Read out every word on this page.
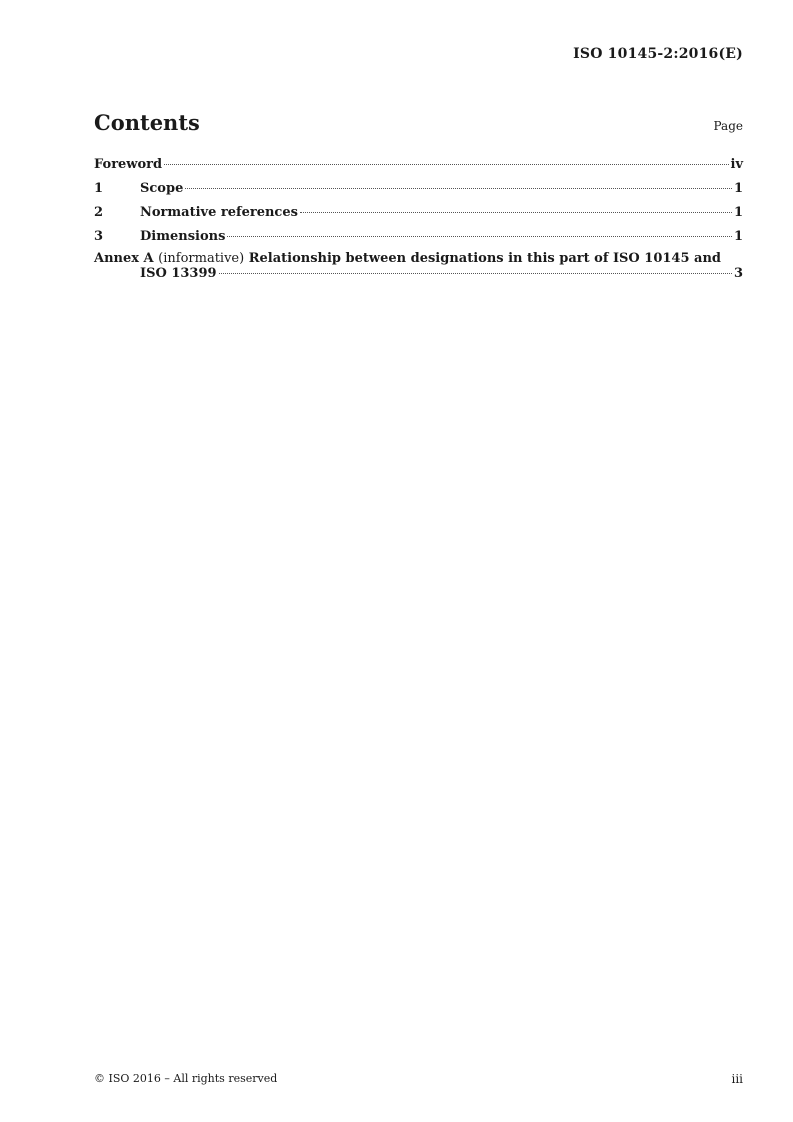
ISO 10145-2:2016(E)
Contents	Page
Foreword	iv
1	Scope	1
2	Normative references	1
3	Dimensions	1
Annex A (informative) Relationship between designations in this part of ISO 10145 and
ISO 13399	3
© ISO 2016 – All rights reserved	iii
